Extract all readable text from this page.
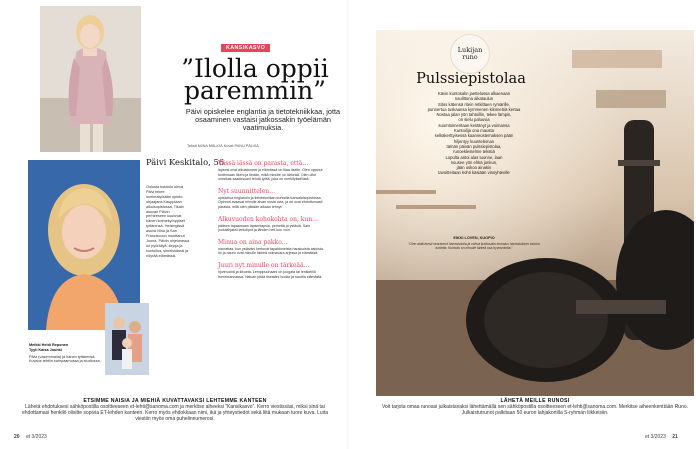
KANSIKASVO
”Ilolla oppii
paremmin”
Päivi opiskelee englantia ja tietotekniikkaa, jotta osaaminen vastaisi jatkossakin työelämän vaatimuksia.
Teksti NIINA MÄLKIÄ Kuvat PANU PÄLVIÄ
Päivi Keskitalo, 56
Oulusta kotoisin oleva Päivi tekee unelmatyötään opinto-ohjaajana Kauppiaan aikuisopistossa, Tikain asuvan Päivin perheeseen kuuluvat hänen kolmekymppiset tyttärensä, Helsingissä asuva Nina ja San Franciscoon muuttanut Joona. Päivin ohjelmassa on pyöräilyä, kirjoja ja kuntoilua, simeiskässä ja nöyrää elämässä.
Tässä iässä on parasta, että…

lapsesi ovat aikuistuneet ja elämässä on tilaa itselle. Olen oppinut tuntemaan itseni ja tiedän, mikä minulle on tärkeää. Olen ollut onnekas saadessani tehdä työtä, joka on merkityksellistä.

Nyt suunnittelen…

opiskelua englannin ja tietotekniikan kurssilla kansalaisopistossa. Opinnot avaavat minulle aivan uusia ovia, ja ne ovat ehdottomasti parasta, mitä olen pitkään aikaan tehnyt.

Alkuvuoden kohokohta on, kun…

pääsen tapaamaan lapsenlapsia, perhettä ja ystäviä. Sain joululahjaksi lentoliput ja lähden heti kun voin.

Minua on aina pakko…

naurattaa, kun ystäväni kertovat tapahtuneista hauskoista asioista. Ilo ja nauru ovat minulle tärkeä voimavara arjessa ja elämässä.

Juuri nyt minulle on tärkeää…

hyvinvointi ja liikunta. Lempipuuhaani on joogata tai lenkkeillä merenrannassa. Haluan pitää itsestäni huolta ja nauttia elämästä.

Meikki Heidi Reponen
Tyyli Kaisa Jouhki
Päivi (vasemmalla) ja hänen tyttärensä. Kuvaus tehtiin kampaamossa ja studiossa.
Lukijan
runo
Pulssiepistolaa
Kävin kuntosalin jaettelussa alkaenaan
naulittuna aikataulun
Sitos kätensä ritein retkittaen rymärille,
punnertua tuskaansa kymmenen kilometriä kertaa
Nostaa jalan yön tahtoillin, tekee lämpin,
on sielu paluuvia
suomtoimentaan kestänyt ja voimansa
Kuntoilija ona mausta
selkäkerttyisessä kaarveostemaksen pään
hiljentyy kuunteleman
tämän päivän pulssiepistolaa,
runoeklestelme tekstiä
Lopulta antoi alas tuonne, laan
nousee yön ehkä jonkun,
jään uskoo ainakin
tavoitteitaan kohti käsiään vinoyhteelle
EIKKI LOVEN, KUOPIO
”Olen aktiivisesti seurannut harrastuksia ja vahva kuntosalin innostus harrastuksen tuomia tunteita. Kuntoilu on minulle tärkeä osa hyvinvointia.”
ETSIMME NAISIA JA MIEHIÄ KUVATTAVAKSI LEHTEMME KANTEEN
Lähetä ehdotuksesi sähköpostilla osoitteeseen et-lehti@sanoma.com ja merkitse aiheeksi ”Kansikasvo”. Kerro viestissäsi, miksi sinä tai ehdottamasi henkilö olisitte sopivia ET-lehden kanteen. Kerro myös ehdokkaan nimi, ikä ja yhteystiedot sekä liitä mukaan tuore kuva. Luita viestiin myös oma puhelinnumerosi.
LÄHETÄ MEILLE RUNOSI
Voit tarjota omaa runoasi julkaistavaksi lähettämällä sen sähköpostilla osoitteeseen et-lehti@sanoma.com. Merkitse aiheenkenttään Runo. Julkaistutrunot palkitaan 50 euron lahjakortilla S-ryhmän liikkeisiin.
20 et 3/2023	et 3/2023 21
